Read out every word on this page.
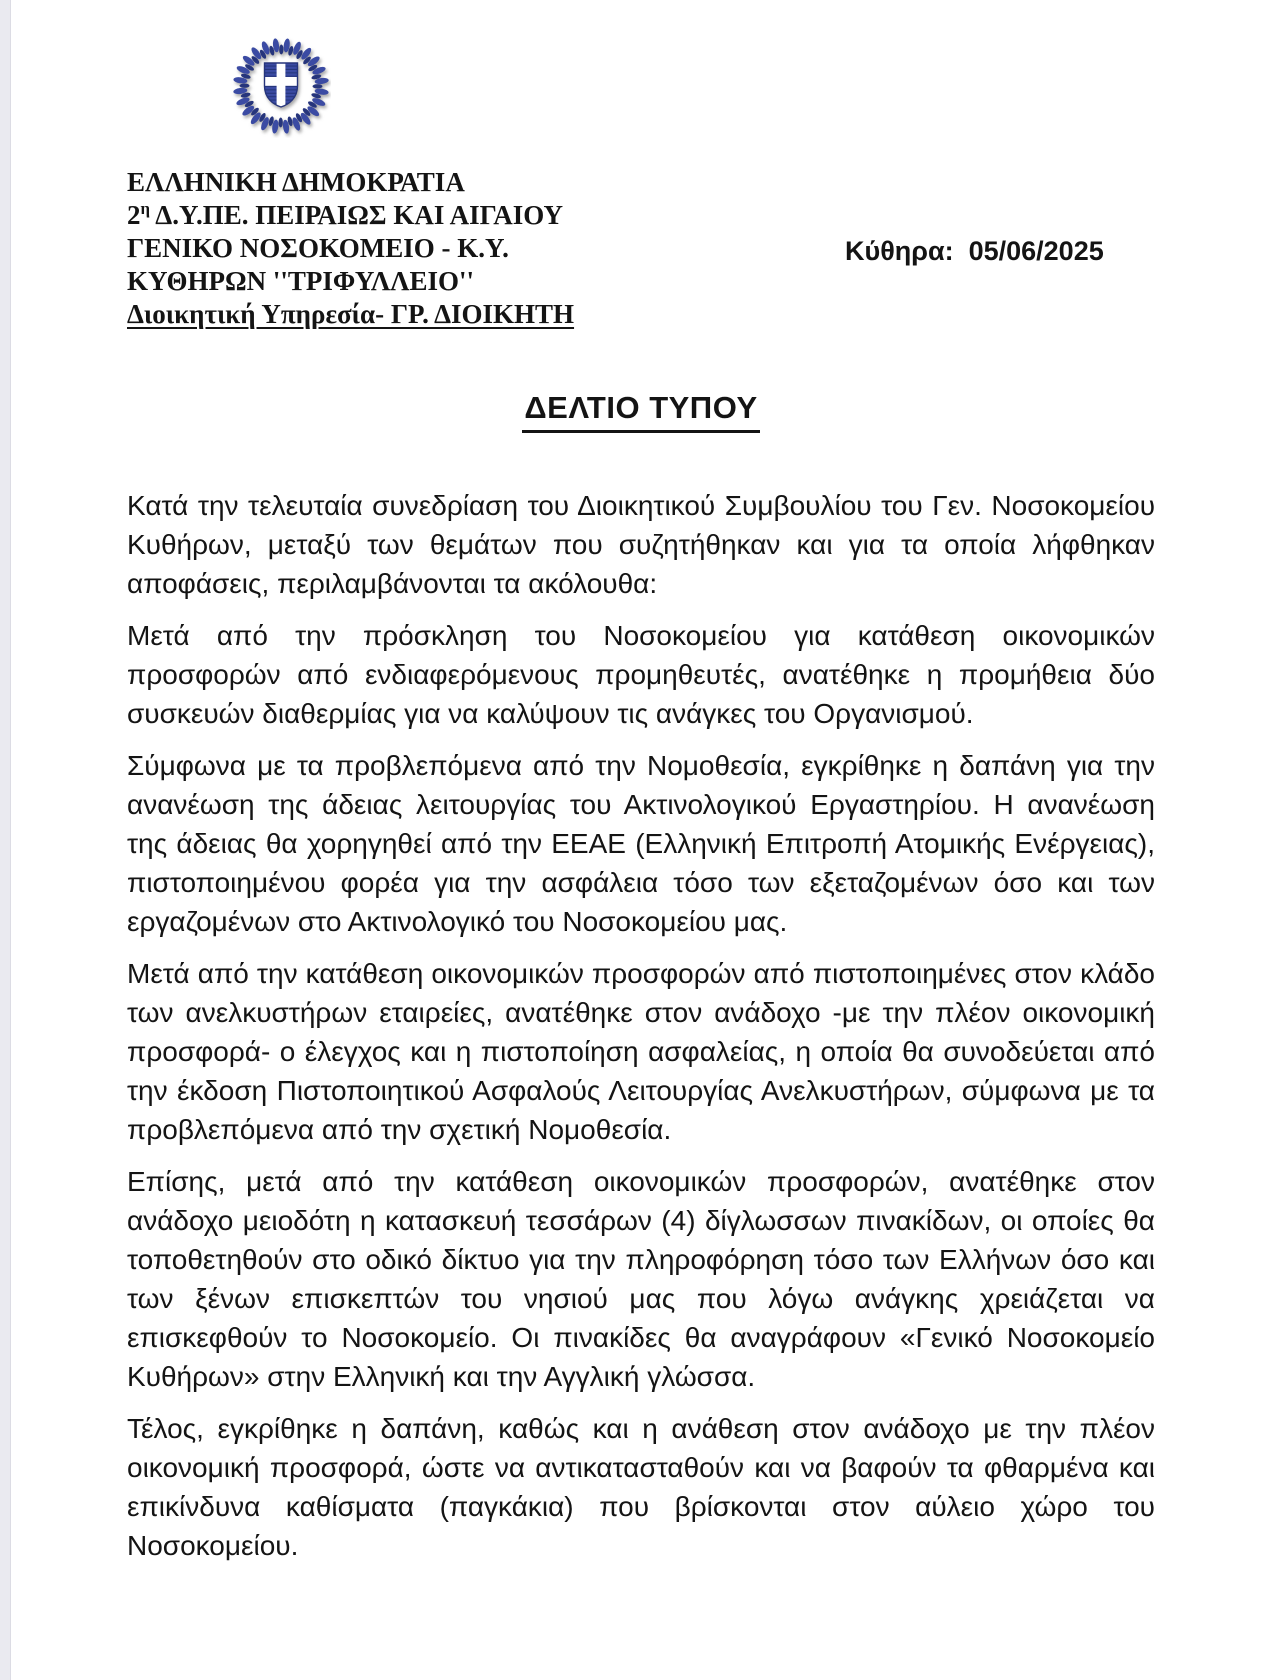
ΕΛΛΗΝΙΚΗ ΔΗΜΟΚΡΑΤΙΑ
$2^\eta$ Δ.Υ.ΠΕ. ΠΕΙΡΑΙΩΣ ΚΑΙ ΑΙΓΑΙΟΥ
ΓΕΝΙΚΟ ΝΟΣΟΚΟΜΕΙΟ - Κ.Υ.
ΚΥΘΗΡΩΝ ''ΤΡΙΦΥΛΛΕΙΟ''
Διοικητική Υπηρεσία- ΓΡ. ΔΙΟΙΚΗΤΗ
Κύθηρα: 05/06/2025
ΔΕΛΤΙΟ ΤΥΠΟΥ

Κατά την τελευταία συνεδρίαση του Διοικητικού Συμβουλίου του Γεν. Νοσοκομείου Κυθήρων, μεταξύ των θεμάτων που συζητήθηκαν και για τα οποία λήφθηκαν αποφάσεις, περιλαμβάνονται τα ακόλουθα:

Μετά από την πρόσκληση του Νοσοκομείου για κατάθεση οικονομικών προσφορών από ενδιαφερόμενους προμηθευτές, ανατέθηκε η προμήθεια δύο συσκευών διαθερμίας για να καλύψουν τις ανάγκες του Οργανισμού.

Σύμφωνα με τα προβλεπόμενα από την Νομοθεσία, εγκρίθηκε η δαπάνη για την ανανέωση της άδειας λειτουργίας του Ακτινολογικού Εργαστηρίου. Η ανανέωση της άδειας θα χορηγηθεί από την ΕΕΑΕ (Ελληνική Επιτροπή Ατομικής Ενέργειας), πιστοποιημένου φορέα για την ασφάλεια τόσο των εξεταζομένων όσο και των εργαζομένων στο Ακτινολογικό του Νοσοκομείου μας.

Μετά από την κατάθεση οικονομικών προσφορών από πιστοποιημένες στον κλάδο των ανελκυστήρων εταιρείες, ανατέθηκε στον ανάδοχο -με την πλέον οικονομική προσφορά- ο έλεγχος και η πιστοποίηση ασφαλείας, η οποία θα συνοδεύεται από την έκδοση Πιστοποιητικού Ασφαλούς Λειτουργίας Ανελκυστήρων, σύμφωνα με τα προβλεπόμενα από την σχετική Νομοθεσία.

Επίσης, μετά από την κατάθεση οικονομικών προσφορών, ανατέθηκε στον ανάδοχο μειοδότη η κατασκευή τεσσάρων (4) δίγλωσσων πινακίδων, οι οποίες θα τοποθετηθούν στο οδικό δίκτυο για την πληροφόρηση τόσο των Ελλήνων όσο και των ξένων επισκεπτών του νησιού μας που λόγω ανάγκης χρειάζεται να επισκεφθούν το Νοσοκομείο. Οι πινακίδες θα αναγράφουν «Γενικό Νοσοκομείο Κυθήρων» στην Ελληνική και την Αγγλική γλώσσα.

Τέλος, εγκρίθηκε η δαπάνη, καθώς και η ανάθεση στον ανάδοχο με την πλέον οικονομική προσφορά, ώστε να αντικατασταθούν και να βαφούν τα φθαρμένα και επικίνδυνα καθίσματα (παγκάκια) που βρίσκονται στον αύλειο χώρο του Νοσοκομείου.
